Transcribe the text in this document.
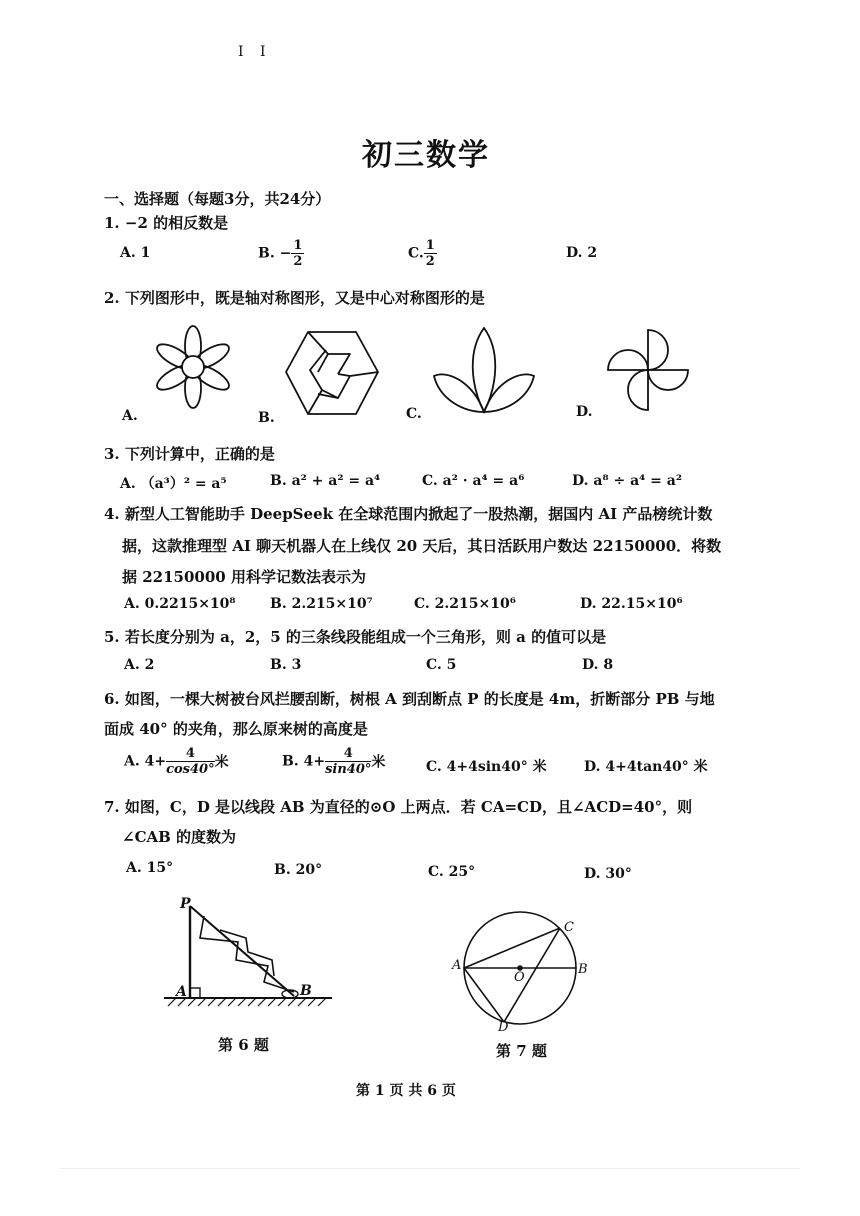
I I
初三数学
一、选择题（每题3分，共24分）
1. −2 的相反数是
A. 1	B. − $\frac{1}{2}$	C. $\frac{1}{2}$	D. 2
2. 下列图形中，既是轴对称图形，又是中心对称图形的是
A.	B.	C.	D.
3. 下列计算中，正确的是
A. （a³）² = a⁵	B. a² + a² = a⁴	C. a² · a⁴ = a⁶	D. a⁸ ÷ a⁴ = a²
4. 新型人工智能助手 DeepSeek 在全球范围内掀起了一股热潮，据国内 AI 产品榜统计数
据，这款推理型 AI 聊天机器人在上线仅 20 天后，其日活跃用户数达 22150000．将数
据 22150000 用科学记数法表示为
A. 0.2215×10⁸ B. 2.215×10⁷	C. 2.215×10⁶	D. 22.15×10⁶
5. 若长度分别为 a，2，5 的三条线段能组成一个三角形，则 a 的值可以是
A. 2	B. 3	C. 5	D. 8
6. 如图，一棵大树被台风拦腰刮断，树根 A 到刮断点 P 的长度是 4m，折断部分 PB 与地
面成 40° 的夹角，那么原来树的高度是
A. $4+ \frac{4}{\cos 40^\circ}$ 米	B. $4+ \frac{4}{\sin 40^\circ}$ 米	C. 4+4sin40° 米	D. 4+4tan40° 米
7. 如图，C，D 是以线段 AB 为直径的⊙O 上两点．若 CA=CD，且∠ACD=40°，则
∠CAB 的度数为
A. 15°	B. 20°	C. 25°	D. 30°
P
A	B
第 6 题
A	B
C
D
O
第 7 题
第 1 页 共 6 页
